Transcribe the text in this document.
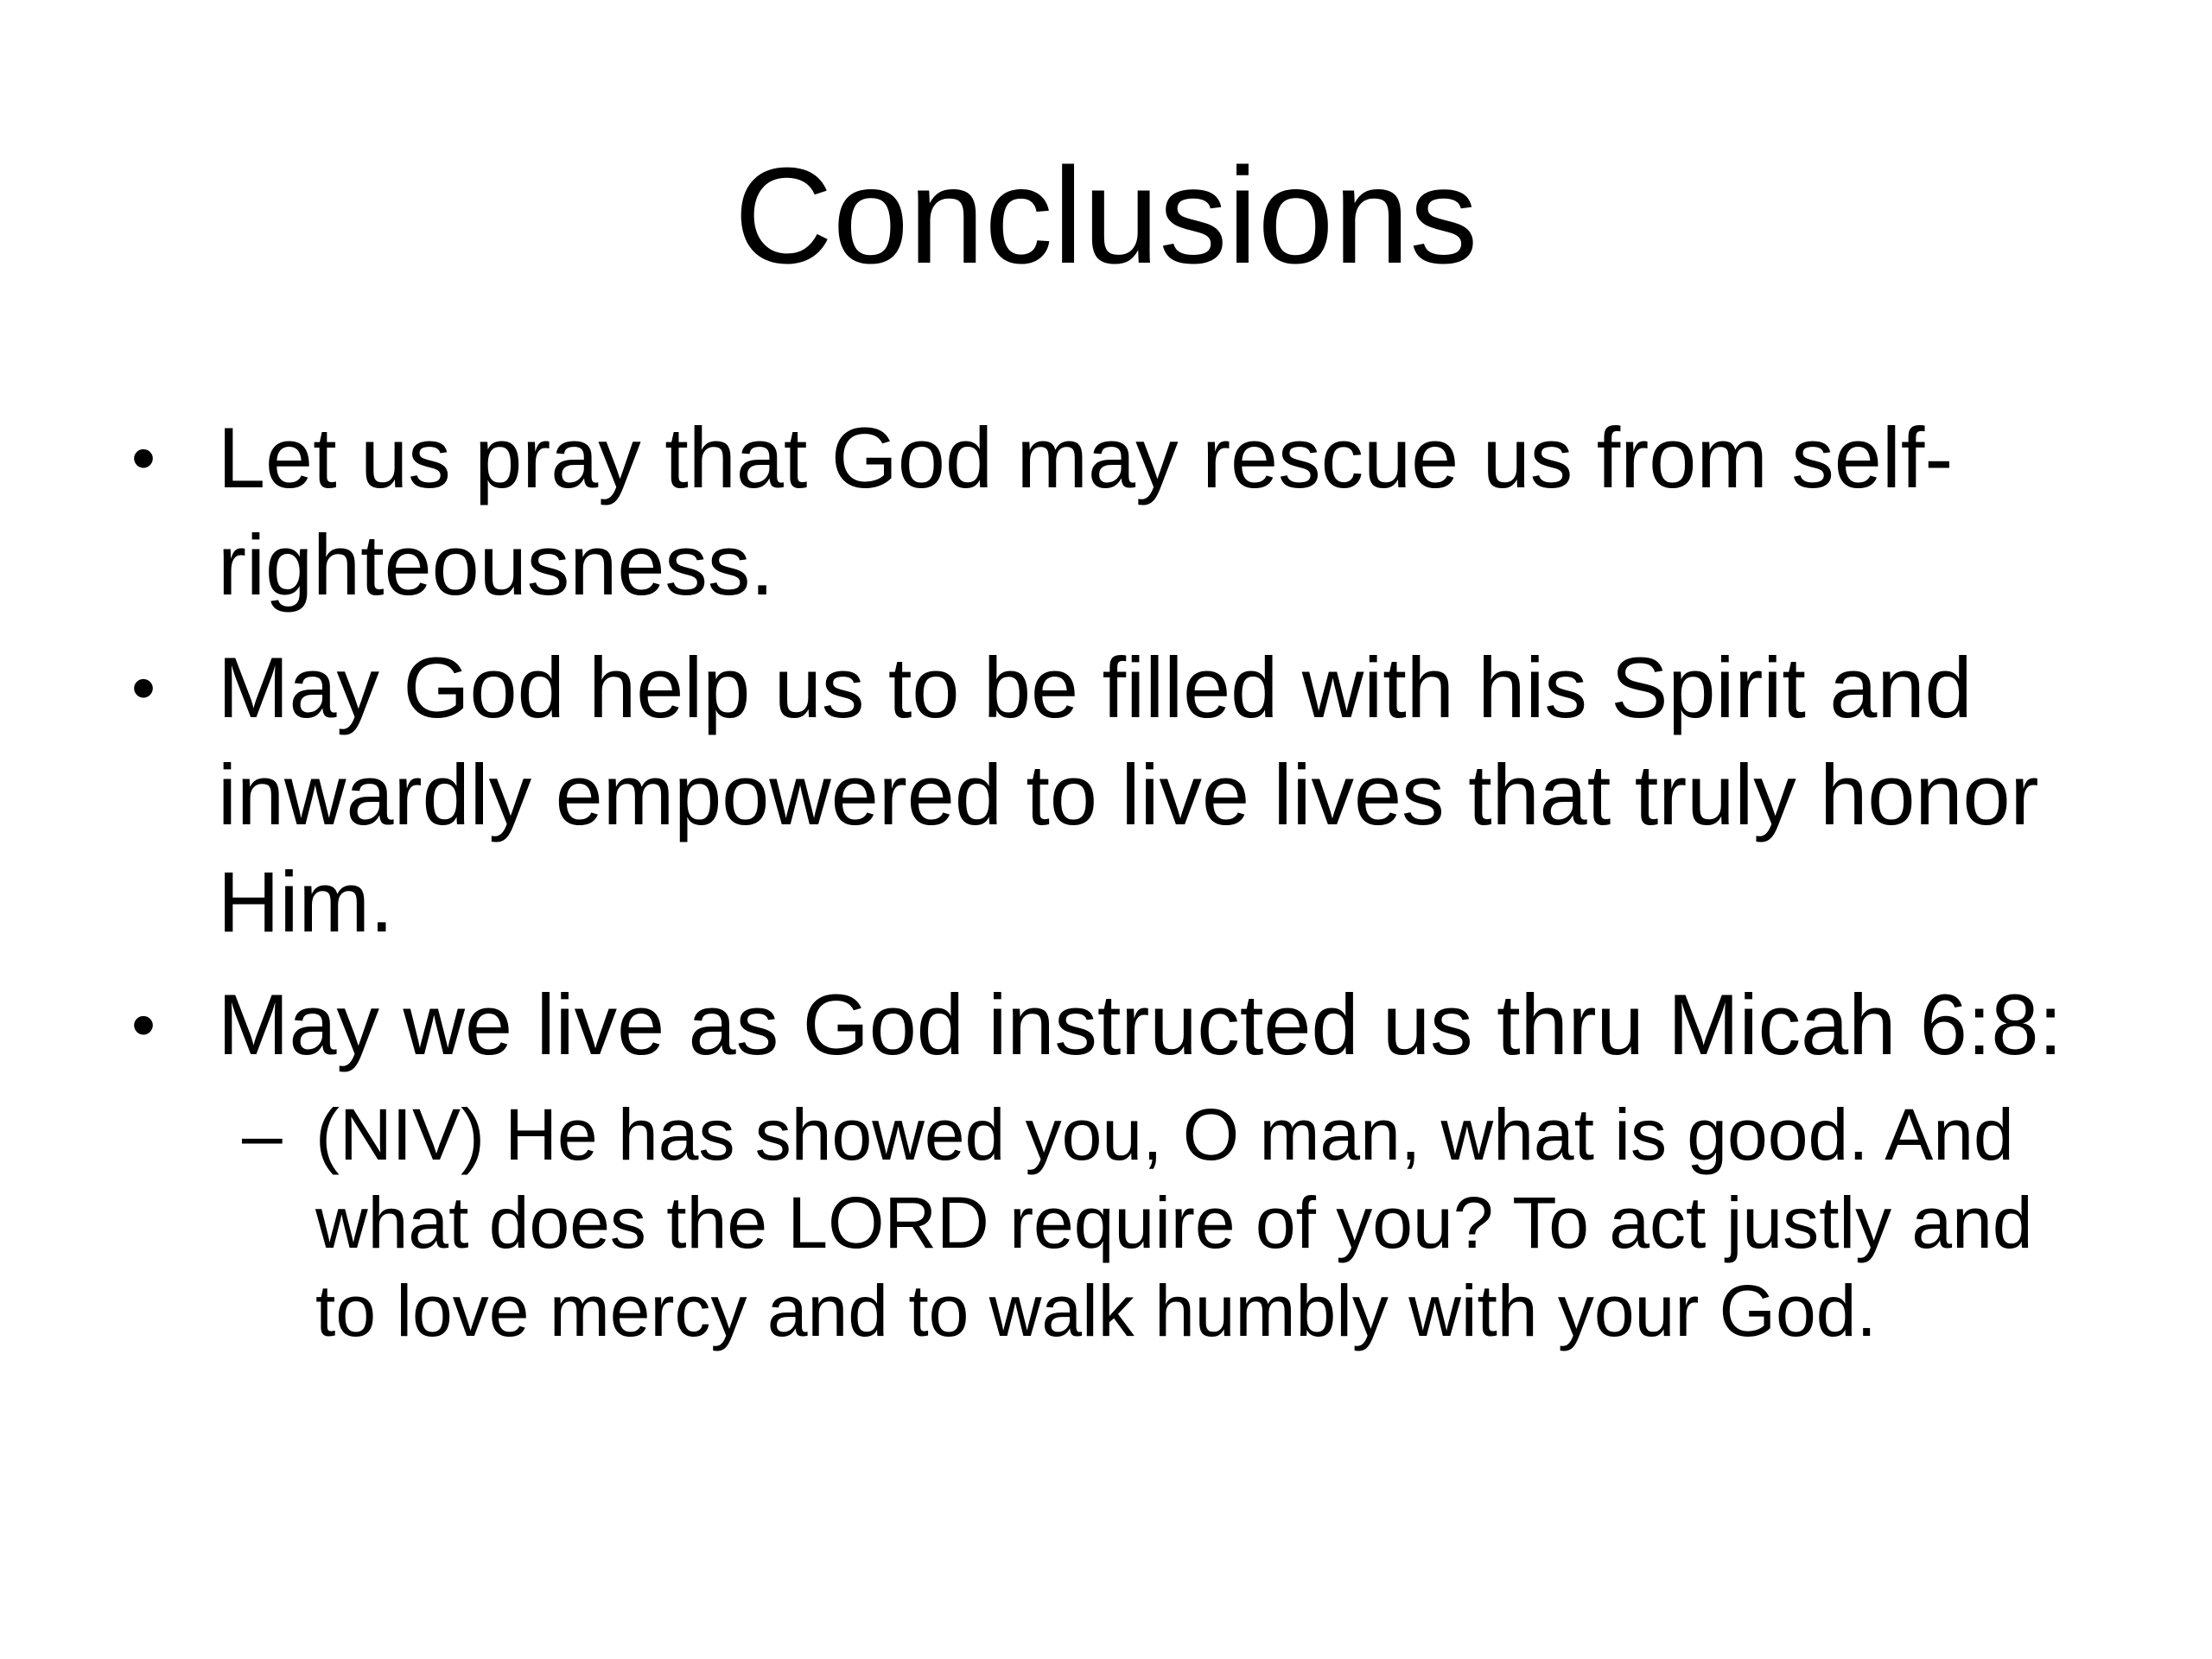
Conclusions
• Let us pray that God may rescue us from self-
righteousness.
• May God help us to be filled with his Spirit and
inwardly empowered to live lives that truly honor
Him.
• May we live as God instructed us thru Micah 6:8:
– (NIV) He has showed you, O man, what is good. And
what does the LORD require of you? To act justly and
to love mercy and to walk humbly with your God.
